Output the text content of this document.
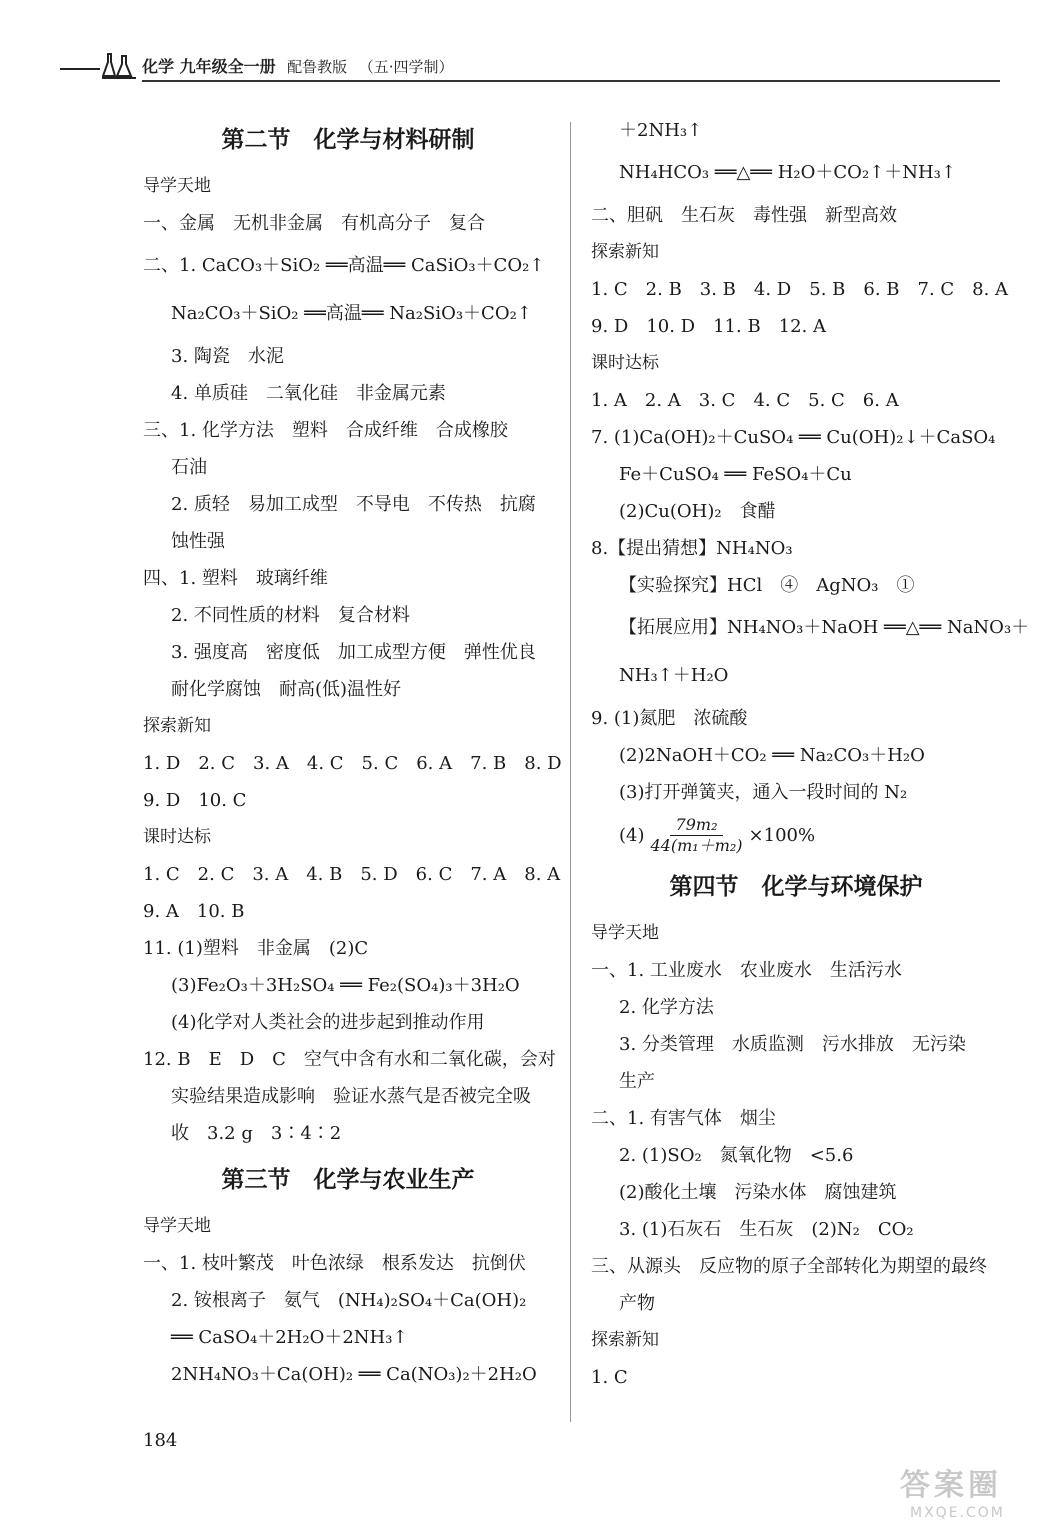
化学 九年级全一册 配鲁教版 （五·四学制）
第二节　化学与材料研制
导学天地
一、金属　无机非金属　有机高分子　复合
二、1. CaCO₃＋SiO₂ ══高温══ CaSiO₃＋CO₂↑
Na₂CO₃＋SiO₂ ══高温══ Na₂SiO₃＋CO₂↑
3. 陶瓷　水泥
4. 单质硅　二氧化硅　非金属元素
三、1. 化学方法　塑料　合成纤维　合成橡胶
石油
2. 质轻　易加工成型　不导电　不传热　抗腐
蚀性强
四、1. 塑料　玻璃纤维
2. 不同性质的材料　复合材料
3. 强度高　密度低　加工成型方便　弹性优良
耐化学腐蚀　耐高(低)温性好
探索新知
1. D　2. C　3. A　4. C　5. C　6. A　7. B　8. D
9. D　10. C
课时达标
1. C　2. C　3. A　4. B　5. D　6. C　7. A　8. A
9. A　10. B
11. (1)塑料　非金属　(2)C
(3)Fe₂O₃＋3H₂SO₄ ══ Fe₂(SO₄)₃＋3H₂O
(4)化学对人类社会的进步起到推动作用
12. B　E　D　C　空气中含有水和二氧化碳，会对
实验结果造成影响　验证水蒸气是否被完全吸
收　3.2 g　3∶4∶2
第三节　化学与农业生产
导学天地
一、1. 枝叶繁茂　叶色浓绿　根系发达　抗倒伏
2. 铵根离子　氨气　(NH₄)₂SO₄＋Ca(OH)₂
══ CaSO₄＋2H₂O＋2NH₃↑
2NH₄NO₃＋Ca(OH)₂ ══ Ca(NO₃)₂＋2H₂O
＋2NH₃↑
NH₄HCO₃ ══△══ H₂O＋CO₂↑＋NH₃↑
二、胆矾　生石灰　毒性强　新型高效
探索新知
1. C　2. B　3. B　4. D　5. B　6. B　7. C　8. A
9. D　10. D　11. B　12. A
课时达标
1. A　2. A　3. C　4. C　5. C　6. A
7. (1)Ca(OH)₂＋CuSO₄ ══ Cu(OH)₂↓＋CaSO₄
Fe＋CuSO₄ ══ FeSO₄＋Cu
(2)Cu(OH)₂　食醋
8.【提出猜想】NH₄NO₃
【实验探究】HCl　④　AgNO₃　①
【拓展应用】NH₄NO₃＋NaOH ══△══ NaNO₃＋
NH₃↑＋H₂O
9. (1)氮肥　浓硫酸
(2)2NaOH＋CO₂ ══ Na₂CO₃＋H₂O
(3)打开弹簧夹，通入一段时间的 N₂
$(4) \frac{\text{79m₂}}{\text{44(m₁＋m₂)}} \times 100\%$
第四节　化学与环境保护
导学天地
一、1. 工业废水　农业废水　生活污水
2. 化学方法
3. 分类管理　水质监测　污水排放　无污染
生产
二、1. 有害气体　烟尘
2. (1)SO₂　氮氧化物　<5.6
(2)酸化土壤　污染水体　腐蚀建筑
3. (1)石灰石　生石灰　(2)N₂　CO₂
三、从源头　反应物的原子全部转化为期望的最终
产物
探索新知
1. C
184
答案圈
MXQE.COM
